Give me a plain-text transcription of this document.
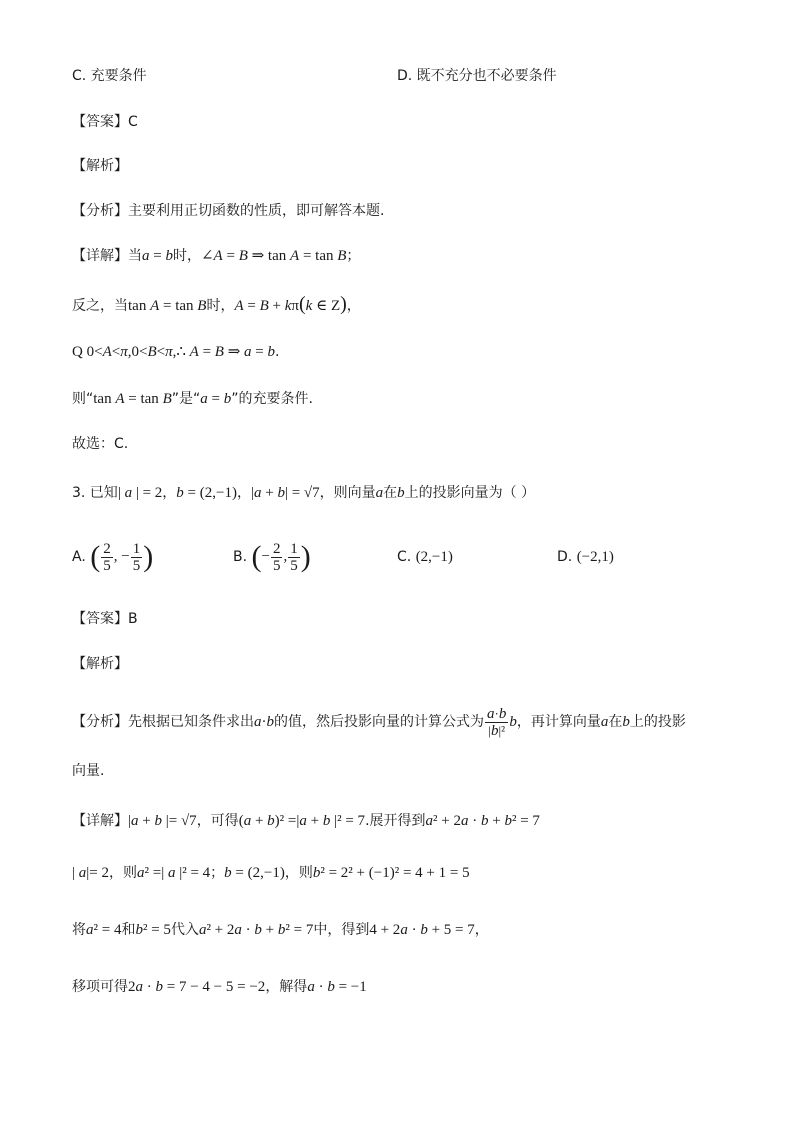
C. 充要条件	D. 既不充分也不必要条件
【答案】C
【解析】
【分析】主要利用正切函数的性质，即可解答本题.
【详解】当a = b时，∠A = B ⇒ tan A = tan B；
反之，当tan A = tan B时，A = B + kπ(k ∈ Z)，
Q 0<A<π,0<B<π,∴ A = B ⇒ a = b.
则“tan A = tan B”是“a = b”的充要条件.
故选：C.
3. 已知| a | = 2，b = (2,−1)，|a + b| = √7，则向量a在b上的投影向量为（ ）
A. ( $\frac{2}{5}$ , − $\frac{1}{5}$ )	B. (− $\frac{2}{5}$ , $\frac{1}{5}$ )	C. (2,−1)	D. (−2,1)
【答案】B
【解析】
【分析】先根据已知条件求出a·b的值，然后投影向量的计算公式为 $\frac{a\cdot b}{\text{|b|²}}$ b，再计算向量a在b上的投影
向量.
【详解】|a + b |= √7，可得(a + b)² =|a + b |² = 7.展开得到a² + 2a · b + b² = 7
| a|= 2，则a² =| a |² = 4；b = (2,−1)，则b² = 2² + (−1)² = 4 + 1 = 5
将a² = 4和b² = 5代入a² + 2a · b + b² = 7中，得到4 + 2a · b + 5 = 7，
移项可得2a · b = 7 − 4 − 5 = −2，解得a · b = −1
